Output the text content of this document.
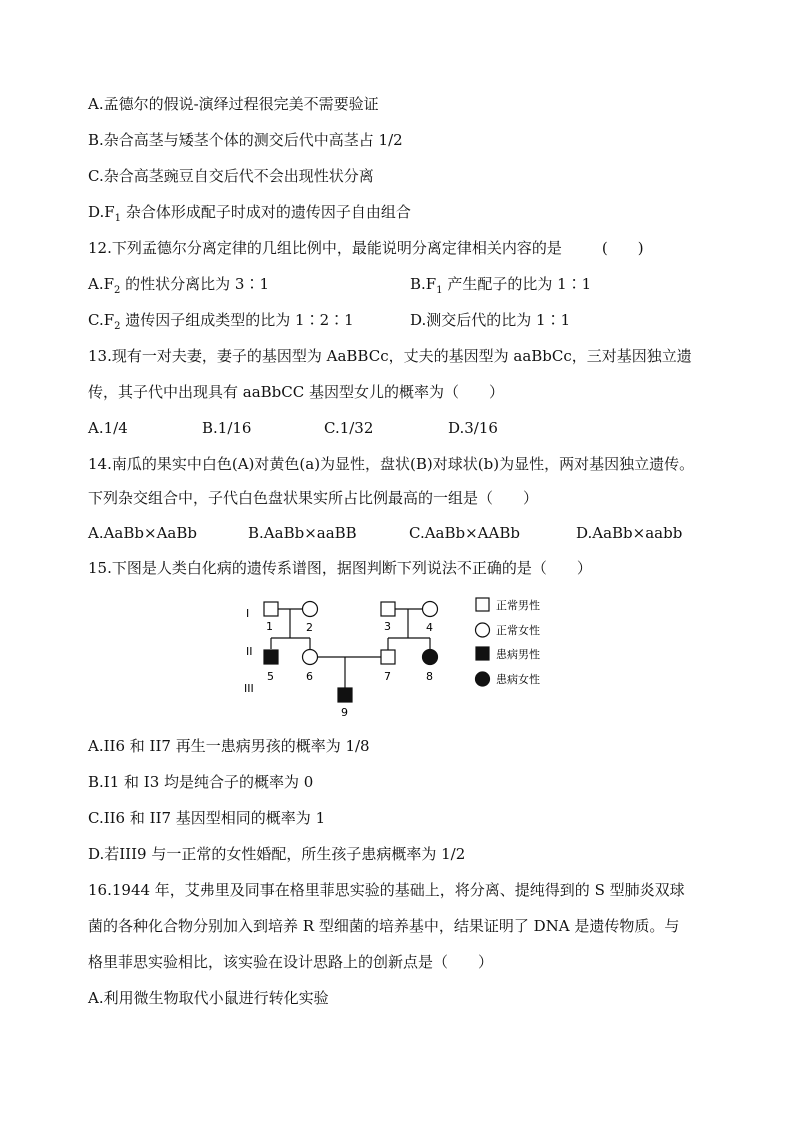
A.孟德尔的假说-演绎过程很完美不需要验证
B.杂合高茎与矮茎个体的测交后代中高茎占 1/2
C.杂合高茎豌豆自交后代不会出现性状分离
$D.F_1$ 杂合体形成配子时成对的遗传因子自由组合
12.下列孟德尔分离定律的几组比例中，最能说明分离定律相关内容的是	(　　)
$A.F_2$ 的性状分离比为 3∶1	$B.F_1$ 产生配子的比为 1∶1
$C.F_2$ 遗传因子组成类型的比为 1∶2∶1	D.测交后代的比为 1∶1
13.现有一对夫妻，妻子的基因型为 AaBBCc，丈夫的基因型为 aaBbCc，三对基因独立遗
传，其子代中出现具有 aaBbCC 基因型女儿的概率为（　　）
A.1/4	B.1/16	C.1/32	D.3/16
14.南瓜的果实中白色(A)对黄色(a)为显性，盘状(B)对球状(b)为显性，两对基因独立遗传。
下列杂交组合中，子代白色盘状果实所占比例最高的一组是（　　）
A.AaBb×AaBb	B.AaBb×aaBB	C.AaBb×AABb	D.AaBb×aabb
15.下图是人类白化病的遗传系谱图，据图判断下列说法不正确的是（　　）
I
II
III
1	2	3	4
5	6	7	8
9
正常男性
正常女性
患病男性
患病女性
A.II6 和 II7 再生一患病男孩的概率为 1/8
B.I1 和 I3 均是纯合子的概率为 0
C.II6 和 II7 基因型相同的概率为 1
D.若III9 与一正常的女性婚配，所生孩子患病概率为 1/2
16.1944 年，艾弗里及同事在格里菲思实验的基础上，将分离、提纯得到的 S 型肺炎双球
菌的各种化合物分别加入到培养 R 型细菌的培养基中，结果证明了 DNA 是遗传物质。与
格里菲思实验相比，该实验在设计思路上的创新点是（　　）
A.利用微生物取代小鼠进行转化实验
